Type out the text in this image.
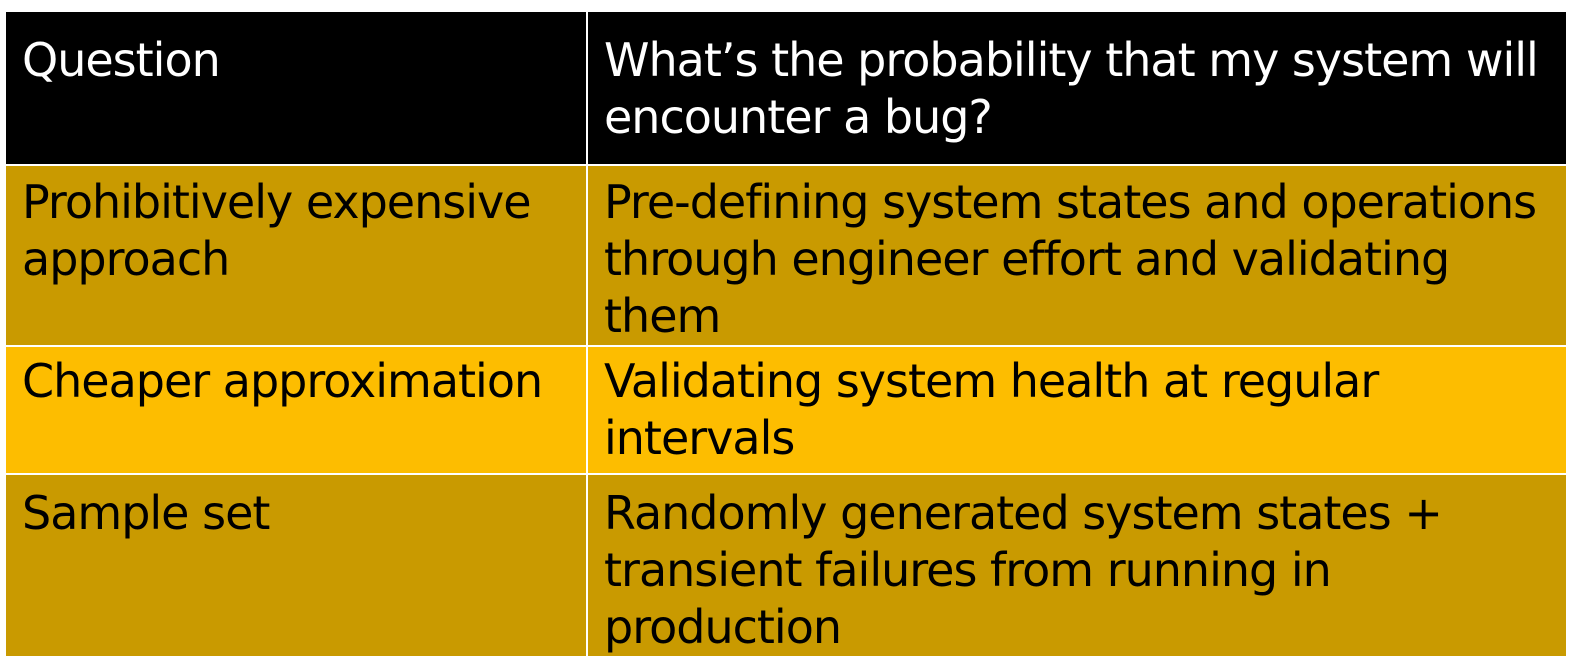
Question	What’s the probability that my system will encounter a bug?

Prohibitively expensive approach	Pre-defining system states and operations through engineer effort and validating them

Cheaper approximation	Validating system health at regular intervals

Sample set	Randomly generated system states + transient failures from running in production
